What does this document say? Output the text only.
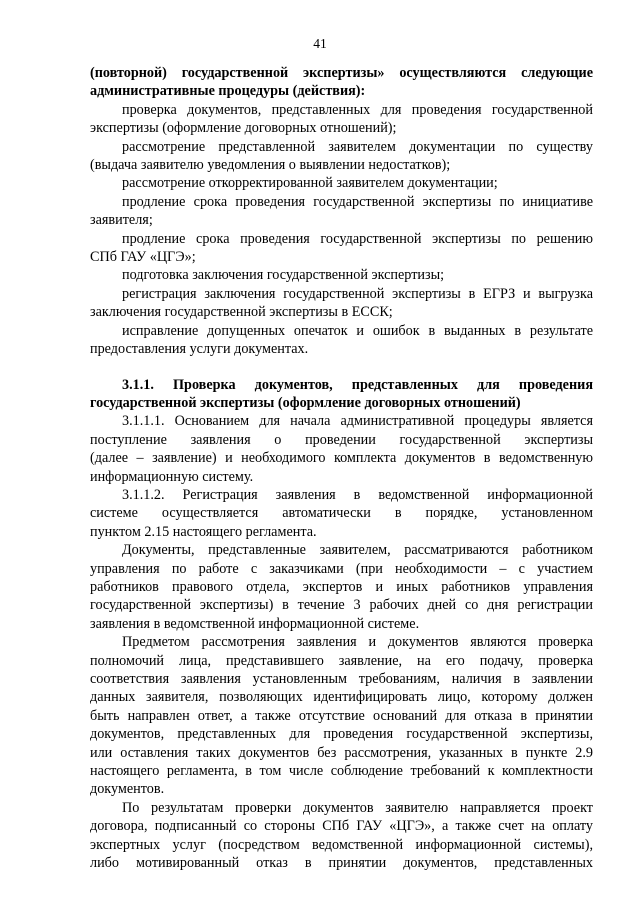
41

(повторной) государственной экспертизы» осуществляются следующие

административные процедуры (действия):

проверка документов, представленных для проведения государственной

экспертизы (оформление договорных отношений);

рассмотрение представленной заявителем документации по существу

(выдача заявителю уведомления о выявлении недостатков);

рассмотрение откорректированной заявителем документации;

продление срока проведения государственной экспертизы по инициативе

заявителя;

продление срока проведения государственной экспертизы по решению

СПб ГАУ «ЦГЭ»;

подготовка заключения государственной экспертизы;

регистрация заключения государственной экспертизы в ЕГРЗ и выгрузка

заключения государственной экспертизы в ЕССК;

исправление допущенных опечаток и ошибок в выданных в результате

предоставления услуги документах.

3.1.1. Проверка документов, представленных для проведения

государственной экспертизы (оформление договорных отношений)

3.1.1.1. Основанием для начала административной процедуры является

поступление заявления о проведении государственной экспертизы

(далее – заявление) и необходимого комплекта документов в ведомственную

информационную систему.

3.1.1.2. Регистрация заявления в ведомственной информационной

системе осуществляется автоматически в порядке, установленном

пунктом 2.15 настоящего регламента.

Документы, представленные заявителем, рассматриваются работником

управления по работе с заказчиками (при необходимости – с участием

работников правового отдела, экспертов и иных работников управления

государственной экспертизы) в течение 3 рабочих дней со дня регистрации

заявления в ведомственной информационной системе.

Предметом рассмотрения заявления и документов являются проверка

полномочий лица, представившего заявление, на его подачу, проверка

соответствия заявления установленным требованиям, наличия в заявлении

данных заявителя, позволяющих идентифицировать лицо, которому должен

быть направлен ответ, а также отсутствие оснований для отказа в принятии

документов, представленных для проведения государственной экспертизы,

или оставления таких документов без рассмотрения, указанных в пункте 2.9

настоящего регламента, в том числе соблюдение требований к комплектности

документов.

По результатам проверки документов заявителю направляется проект

договора, подписанный со стороны СПб ГАУ «ЦГЭ», а также счет на оплату

экспертных услуг (посредством ведомственной информационной системы),

либо мотивированный отказ в принятии документов, представленных
